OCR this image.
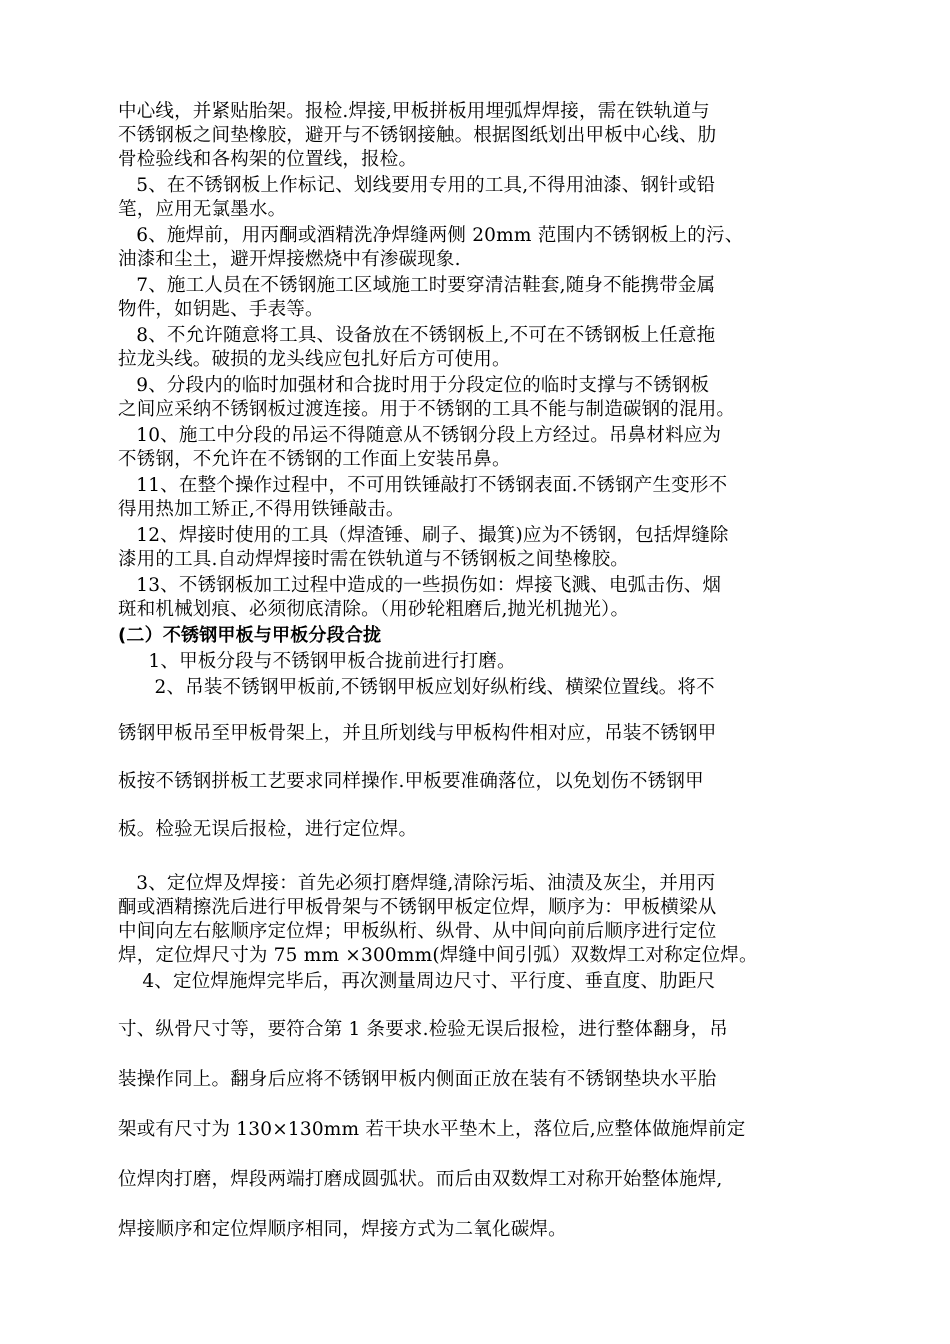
中心线，并紧贴胎架。报检.焊接,甲板拼板用埋弧焊焊接，需在铁轨道与
不锈钢板之间垫橡胶，避开与不锈钢接触。根据图纸划出甲板中心线、肋
骨检验线和各构架的位置线，报检。
5、在不锈钢板上作标记、划线要用专用的工具,不得用油漆、钢针或铅
笔，应用无氯墨水。
6、施焊前，用丙酮或酒精洗净焊缝两侧 20mm 范围内不锈钢板上的污、
油漆和尘土，避开焊接燃烧中有渗碳现象.
7、施工人员在不锈钢施工区域施工时要穿清洁鞋套,随身不能携带金属
物件，如钥匙、手表等。
8、不允许随意将工具、设备放在不锈钢板上,不可在不锈钢板上任意拖
拉龙头线。破损的龙头线应包扎好后方可使用。
9、分段内的临时加强材和合拢时用于分段定位的临时支撑与不锈钢板
之间应采纳不锈钢板过渡连接。用于不锈钢的工具不能与制造碳钢的混用。
10、施工中分段的吊运不得随意从不锈钢分段上方经过。吊鼻材料应为
不锈钢，不允许在不锈钢的工作面上安装吊鼻。
11、在整个操作过程中，不可用铁锤敲打不锈钢表面.不锈钢产生变形不
得用热加工矫正,不得用铁锤敲击。
12、焊接时使用的工具（焊渣锤、刷子、撮箕)应为不锈钢，包括焊缝除
漆用的工具.自动焊焊接时需在铁轨道与不锈钢板之间垫橡胶。
13、不锈钢板加工过程中造成的一些损伤如：焊接飞溅、电弧击伤、烟
斑和机械划痕、必须彻底清除。（用砂轮粗磨后,抛光机抛光）。
(二）不锈钢甲板与甲板分段合拢
1、甲板分段与不锈钢甲板合拢前进行打磨。
2、吊装不锈钢甲板前,不锈钢甲板应划好纵桁线、横梁位置线。将不
锈钢甲板吊至甲板骨架上，并且所划线与甲板构件相对应，吊装不锈钢甲
板按不锈钢拼板工艺要求同样操作.甲板要准确落位，以免划伤不锈钢甲
板。检验无误后报检，进行定位焊。
3、定位焊及焊接：首先必须打磨焊缝,清除污垢、油渍及灰尘，并用丙
酮或酒精擦洗后进行甲板骨架与不锈钢甲板定位焊，顺序为：甲板横梁从
中间向左右舷顺序定位焊；甲板纵桁、纵骨、从中间向前后顺序进行定位
焊，定位焊尺寸为 75 mm ×300mm(焊缝中间引弧）双数焊工对称定位焊。
4、定位焊施焊完毕后，再次测量周边尺寸、平行度、垂直度、肋距尺
寸、纵骨尺寸等，要符合第 1 条要求.检验无误后报检，进行整体翻身，吊
装操作同上。翻身后应将不锈钢甲板内侧面正放在装有不锈钢垫块水平胎
架或有尺寸为 130×130mm 若干块水平垫木上，落位后,应整体做施焊前定
位焊肉打磨，焊段两端打磨成圆弧状。而后由双数焊工对称开始整体施焊,
焊接顺序和定位焊顺序相同，焊接方式为二氧化碳焊。
